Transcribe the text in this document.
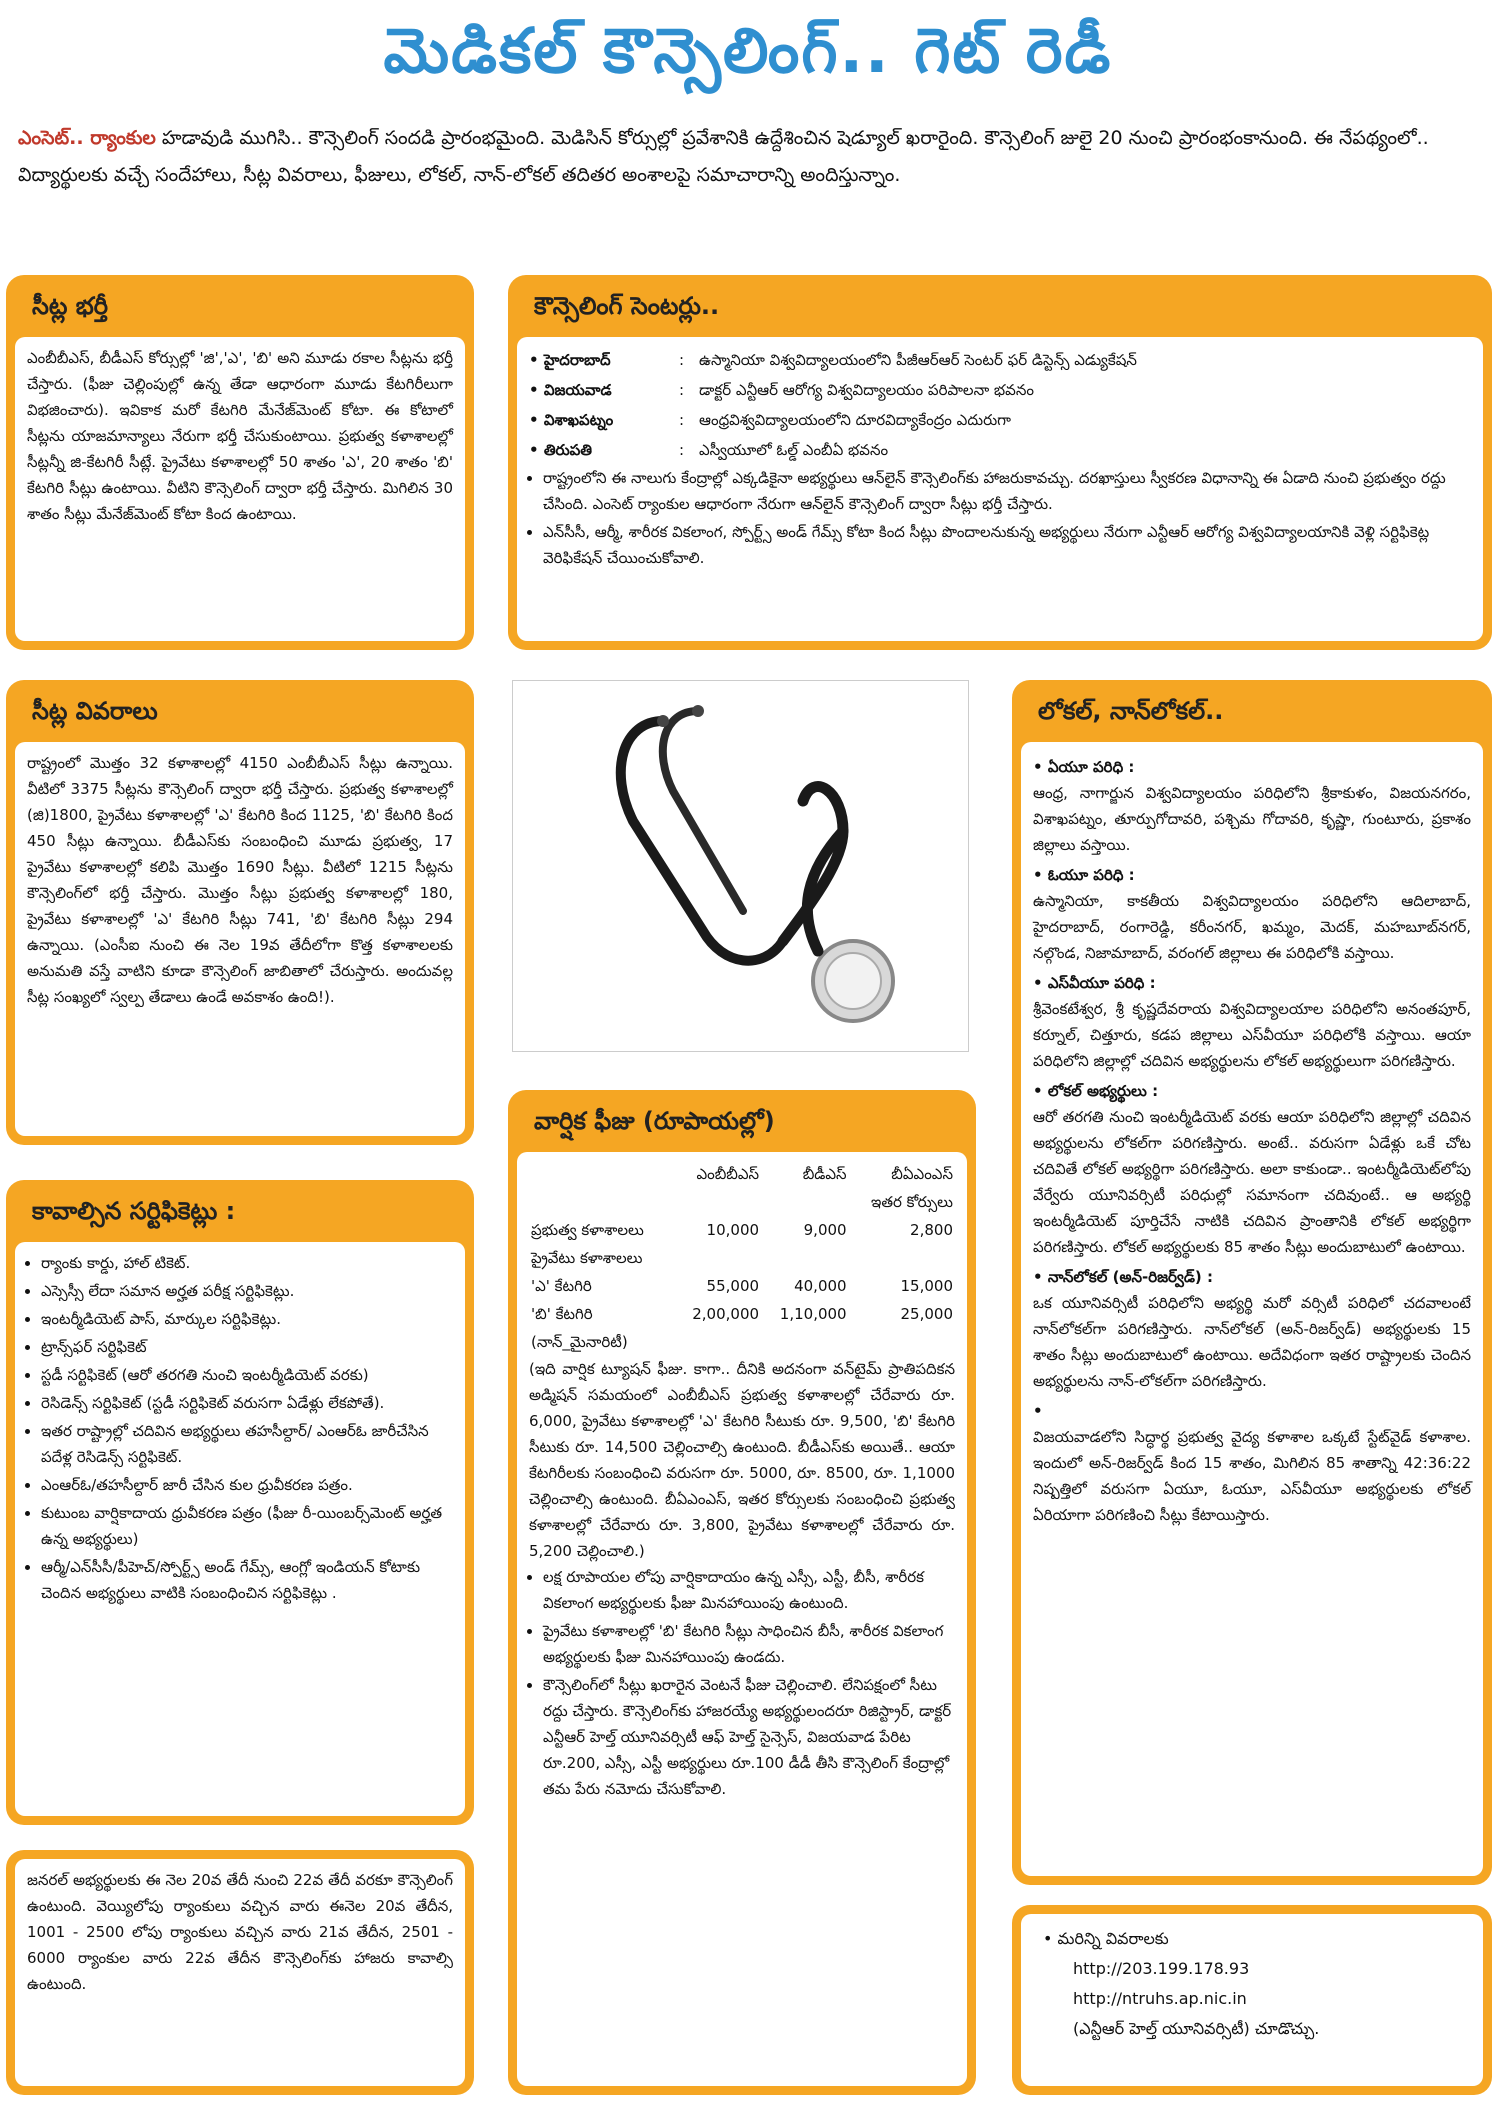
మెడికల్ కౌన్సెలింగ్.. గెట్ రెడీ
ఎంసెట్.. ర్యాంకుల హడావుడి ముగిసి.. కౌన్సెలింగ్ సందడి ప్రారంభమైంది. మెడిసిన్ కోర్సుల్లో ప్రవేశానికి ఉద్దేశించిన షెడ్యూల్ ఖరారైంది. కౌన్సెలింగ్ జులై 20 నుంచి ప్రారంభంకానుంది. ఈ నేపథ్యంలో.. విద్యార్థులకు వచ్చే సందేహాలు, సీట్ల వివరాలు, ఫీజులు, లోకల్, నాన్-లోకల్ తదితర అంశాలపై సమాచారాన్ని అందిస్తున్నాం.
సీట్ల భర్తీ

ఎంబీబీఎస్, బీడీఎస్ కోర్సుల్లో 'జి','ఎ', 'బి' అని మూడు రకాల సీట్లను భర్తీ చేస్తారు. (ఫీజు చెల్లింపుల్లో ఉన్న తేడా ఆధారంగా మూడు కేటగిరీలుగా విభజించారు). ఇవికాక మరో కేటగిరి మేనేజ్‌మెంట్ కోటా. ఈ కోటాలో సీట్లను యాజమాన్యాలు నేరుగా భర్తీ చేసుకుంటాయి. ప్రభుత్వ కళాశాలల్లో సీట్లన్నీ జి-కేటగిరీ సీట్లే. ప్రైవేటు కళాశాలల్లో 50 శాతం 'ఎ', 20 శాతం 'బి' కేటగిరి సీట్లు ఉంటాయి. వీటిని కౌన్సెలింగ్ ద్వారా భర్తీ చేస్తారు. మిగిలిన 30 శాతం సీట్లు మేనేజ్‌మెంట్ కోటా కింద ఉంటాయి.

కౌన్సెలింగ్ సెంటర్లు..
• హైదరాబాద్	:	ఉస్మానియా విశ్వవిద్యాలయంలోని పీజీఆర్ఆర్ సెంటర్ ఫర్ డిస్టెన్స్ ఎడ్యుకేషన్
• విజయవాడ	:	డాక్టర్ ఎన్టీఆర్ ఆరోగ్య విశ్వవిద్యాలయం పరిపాలనా భవనం
• విశాఖపట్నం	:	ఆంధ్రవిశ్వవిద్యాలయంలోని దూరవిద్యాకేంద్రం ఎదురుగా
• తిరుపతి	:	ఎస్వీయూలో ఓల్డ్ ఎంబీఏ భవనం
• రాష్ట్రంలోని ఈ నాలుగు కేంద్రాల్లో ఎక్కడికైనా అభ్యర్థులు ఆన్‌లైన్ కౌన్సెలింగ్‌కు హాజరుకావచ్చు. దరఖాస్తులు స్వీకరణ విధానాన్ని ఈ ఏడాది నుంచి ప్రభుత్వం రద్దు చేసింది. ఎంసెట్ ర్యాంకుల ఆధారంగా నేరుగా ఆన్‌లైన్ కౌన్సెలింగ్ ద్వారా సీట్లు భర్తీ చేస్తారు.
• ఎన్‌సీసీ, ఆర్మీ, శారీరక వికలాంగ, స్పోర్ట్స్ అండ్ గేమ్స్ కోటా కింద సీట్లు పొందాలనుకున్న అభ్యర్థులు నేరుగా ఎన్టీఆర్ ఆరోగ్య విశ్వవిద్యాలయానికి వెళ్లి సర్టిఫికెట్ల వెరిఫికేషన్ చేయించుకోవాలి.
సీట్ల వివరాలు

రాష్ట్రంలో మొత్తం 32 కళాశాలల్లో 4150 ఎంబీబీఎస్ సీట్లు ఉన్నాయి. వీటిలో 3375 సీట్లను కౌన్సెలింగ్ ద్వారా భర్తీ చేస్తారు. ప్రభుత్వ కళాశాలల్లో (జి)1800, ప్రైవేటు కళాశాలల్లో 'ఎ' కేటగిరి కింద 1125, 'బి' కేటగిరి కింద 450 సీట్లు ఉన్నాయి. బీడీఎస్‌కు సంబంధించి మూడు ప్రభుత్వ, 17 ప్రైవేటు కళాశాలల్లో కలిపి మొత్తం 1690 సీట్లు. వీటిలో 1215 సీట్లను కౌన్సెలింగ్‌లో భర్తీ చేస్తారు. మొత్తం సీట్లు ప్రభుత్వ కళాశాలల్లో 180, ప్రైవేటు కళాశాలల్లో 'ఎ' కేటగిరి సీట్లు 741, 'బి' కేటగిరి సీట్లు 294 ఉన్నాయి. (ఎంసీఐ నుంచి ఈ నెల 19వ తేదీలోగా కొత్త కళాశాలలకు అనుమతి వస్తే వాటిని కూడా కౌన్సెలింగ్ జాబితాలో చేరుస్తారు. అందువల్ల సీట్ల సంఖ్యలో స్వల్ప తేడాలు ఉండే అవకాశం ఉంది!).

వార్షిక ఫీజు (రూపాయల్లో)
	ఎంబీబీఎస్	బీడీఎస్	బీఏఎంఎస్
			ఇతర కోర్సులు
ప్రభుత్వ కళాశాలలు	10,000	9,000	2,800
ప్రైవేటు కళాశాలలు			
'ఎ' కేటగిరి	55,000	40,000	15,000
'బి' కేటగిరి	2,00,000	1,10,000	25,000
(నాన్_మైనారిటీ)			

(ఇది వార్షిక ట్యూషన్ ఫీజు. కాగా.. దీనికి అదనంగా వన్‌టైమ్ ప్రాతిపదికన అడ్మిషన్ సమయంలో ఎంబీబీఎస్ ప్రభుత్వ కళాశాలల్లో చేరేవారు రూ. 6,000, ప్రైవేటు కళాశాలల్లో 'ఎ' కేటగిరి సీటుకు రూ. 9,500, 'బి' కేటగిరి సీటుకు రూ. 14,500 చెల్లించాల్సి ఉంటుంది. బీడీఎస్‌కు అయితే.. ఆయా కేటగిరీలకు సంబంధించి వరుసగా రూ. 5000, రూ. 8500, రూ. 1,1000 చెల్లించాల్సి ఉంటుంది. బీఏఎంఎస్, ఇతర కోర్సులకు సంబంధించి ప్రభుత్వ కళాశాలల్లో చేరేవారు రూ. 3,800, ప్రైవేటు కళాశాలల్లో చేరేవారు రూ. 5,200 చెల్లించాలి.)

• లక్ష రూపాయల లోపు వార్షికాదాయం ఉన్న ఎస్సీ, ఎస్టీ, బీసీ, శారీరక వికలాంగ అభ్యర్థులకు ఫీజు మినహాయింపు ఉంటుంది.
• ప్రైవేటు కళాశాలల్లో 'బి' కేటగిరి సీట్లు సాధించిన బీసీ, శారీరక వికలాంగ అభ్యర్థులకు ఫీజు మినహాయింపు ఉండదు.
• కౌన్సెలింగ్‌లో సీట్లు ఖరారైన వెంటనే ఫీజు చెల్లించాలి. లేనిపక్షంలో సీటు రద్దు చేస్తారు. కౌన్సెలింగ్‌కు హాజరయ్యే అభ్యర్థులందరూ రిజిస్ట్రార్, డాక్టర్ ఎన్టీఆర్ హెల్త్ యూనివర్సిటీ ఆఫ్ హెల్త్ సైన్సెస్, విజయవాడ పేరిట రూ.200, ఎస్సీ, ఎస్టీ అభ్యర్థులు రూ.100 డీడీ తీసి కౌన్సెలింగ్ కేంద్రాల్లో తమ పేరు నమోదు చేసుకోవాలి.
కావాల్సిన సర్టిఫికెట్లు :
• ర్యాంకు కార్డు, హాల్ టికెట్.
• ఎస్సెస్సీ లేదా సమాన అర్హత పరీక్ష సర్టిఫికెట్లు.
• ఇంటర్మీడియెట్ పాస్, మార్కుల సర్టిఫికెట్లు.
• ట్రాన్స్‌ఫర్ సర్టిఫికెట్
• స్టడీ సర్టిఫికెట్ (ఆరో తరగతి నుంచి ఇంటర్మీడియెట్ వరకు)
• రెసిడెన్స్ సర్టిఫికెట్ (స్టడీ సర్టిఫికెట్ వరుసగా ఏడేళ్లు లేకపోతే).
• ఇతర రాష్ట్రాల్లో చదివిన అభ్యర్థులు తహసీల్దార్/ ఎంఆర్ఓ జారీచేసిన పదేళ్ల రెసిడెన్స్ సర్టిఫికెట్.
• ఎంఆర్ఓ/తహసీల్దార్ జారీ చేసిన కుల ధ్రువీకరణ పత్రం.
• కుటుంబ వార్షికాదాయ ధ్రువీకరణ పత్రం (ఫీజు రీ-యింబర్స్‌మెంట్ అర్హత ఉన్న అభ్యర్థులు)
• ఆర్మీ/ఎన్‌సీసీ/పీహెచ్/స్పోర్ట్స్ అండ్ గేమ్స్, ఆంగ్లో ఇండియన్ కోటాకు చెందిన అభ్యర్థులు వాటికి సంబంధించిన సర్టిఫికెట్లు .

జనరల్ అభ్యర్థులకు ఈ నెల 20వ తేదీ నుంచి 22వ తేదీ వరకూ కౌన్సెలింగ్ ఉంటుంది. వెయ్యిలోపు ర్యాంకులు వచ్చిన వారు ఈనెల 20వ తేదీన, 1001 - 2500 లోపు ర్యాంకులు వచ్చిన వారు 21వ తేదీన, 2501 - 6000 ర్యాంకుల వారు 22వ తేదీన కౌన్సెలింగ్‌కు హాజరు కావాల్సి ఉంటుంది.

లోకల్, నాన్‌లోకల్..
• ఏయూ పరిధి :

ఆంధ్ర, నాగార్జున విశ్వవిద్యాలయం పరిధిలోని శ్రీకాకుళం, విజయనగరం, విశాఖపట్నం, తూర్పుగోదావరి, పశ్చిమ గోదావరి, కృష్ణా, గుంటూరు, ప్రకాశం జిల్లాలు వస్తాయి.

• ఓయూ పరిధి :

ఉస్మానియా, కాకతీయ విశ్వవిద్యాలయం పరిధిలోని ఆదిలాబాద్, హైదరాబాద్, రంగారెడ్డి, కరీంనగర్, ఖమ్మం, మెదక్, మహబూబ్‌నగర్, నల్గొండ, నిజామాబాద్, వరంగల్ జిల్లాలు ఈ పరిధిలోకి వస్తాయి.

• ఎస్‌వీయూ పరిధి :

శ్రీవెంకటేశ్వర, శ్రీ కృష్ణదేవరాయ విశ్వవిద్యాలయాల పరిధిలోని అనంతపూర్, కర్నూల్, చిత్తూరు, కడప జిల్లాలు ఎస్‌వీయూ పరిధిలోకి వస్తాయి. ఆయా పరిధిలోని జిల్లాల్లో చదివిన అభ్యర్థులను లోకల్ అభ్యర్థులుగా పరిగణిస్తారు.

• లోకల్ అభ్యర్థులు :

ఆరో తరగతి నుంచి ఇంటర్మీడియెట్ వరకు ఆయా పరిధిలోని జిల్లాల్లో చదివిన అభ్యర్థులను లోకల్‌గా పరిగణిస్తారు. అంటే.. వరుసగా ఏడేళ్లు ఒకే చోట చదివితే లోకల్ అభ్యర్థిగా పరిగణిస్తారు. అలా కాకుండా.. ఇంటర్మీడియెట్‌లోపు వేర్వేరు యూనివర్సిటీ పరిధుల్లో సమానంగా చదివుంటే.. ఆ అభ్యర్థి ఇంటర్మీడియెట్ పూర్తిచేసే నాటికి చదివిన ప్రాంతానికి లోకల్ అభ్యర్థిగా పరిగణిస్తారు. లోకల్ అభ్యర్థులకు 85 శాతం సీట్లు అందుబాటులో ఉంటాయి.

• నాన్‌లోకల్ (అన్-రిజర్వ్‌డ్) :

ఒక యూనివర్సిటీ పరిధిలోని అభ్యర్థి మరో వర్సిటీ పరిధిలో చదవాలంటే నాన్‌లోకల్‌గా పరిగణిస్తారు. నాన్‌లోకల్ (అన్-రిజర్వ్‌డ్) అభ్యర్థులకు 15 శాతం సీట్లు అందుబాటులో ఉంటాయి. అదేవిధంగా ఇతర రాష్ట్రాలకు చెందిన అభ్యర్థులను నాన్-లోకల్‌గా పరిగణిస్తారు.

•

విజయవాడలోని సిద్ధార్థ ప్రభుత్వ వైద్య కళాశాల ఒక్కటే స్టేట్‌వైడ్ కళాశాల. ఇందులో అన్-రిజర్వ్‌డ్ కింద 15 శాతం, మిగిలిన 85 శాతాన్ని 42:36:22 నిష్పత్తిలో వరుసగా ఏయూ, ఓయూ, ఎస్‌వీయూ అభ్యర్థులకు లోకల్ ఏరియాగా పరిగణించి సీట్లు కేటాయిస్తారు.

• మరిన్ని వివరాలకు
http://203.199.178.93
http://ntruhs.ap.nic.in
(ఎన్టీఆర్ హెల్త్ యూనివర్సిటీ) చూడొచ్చు.
